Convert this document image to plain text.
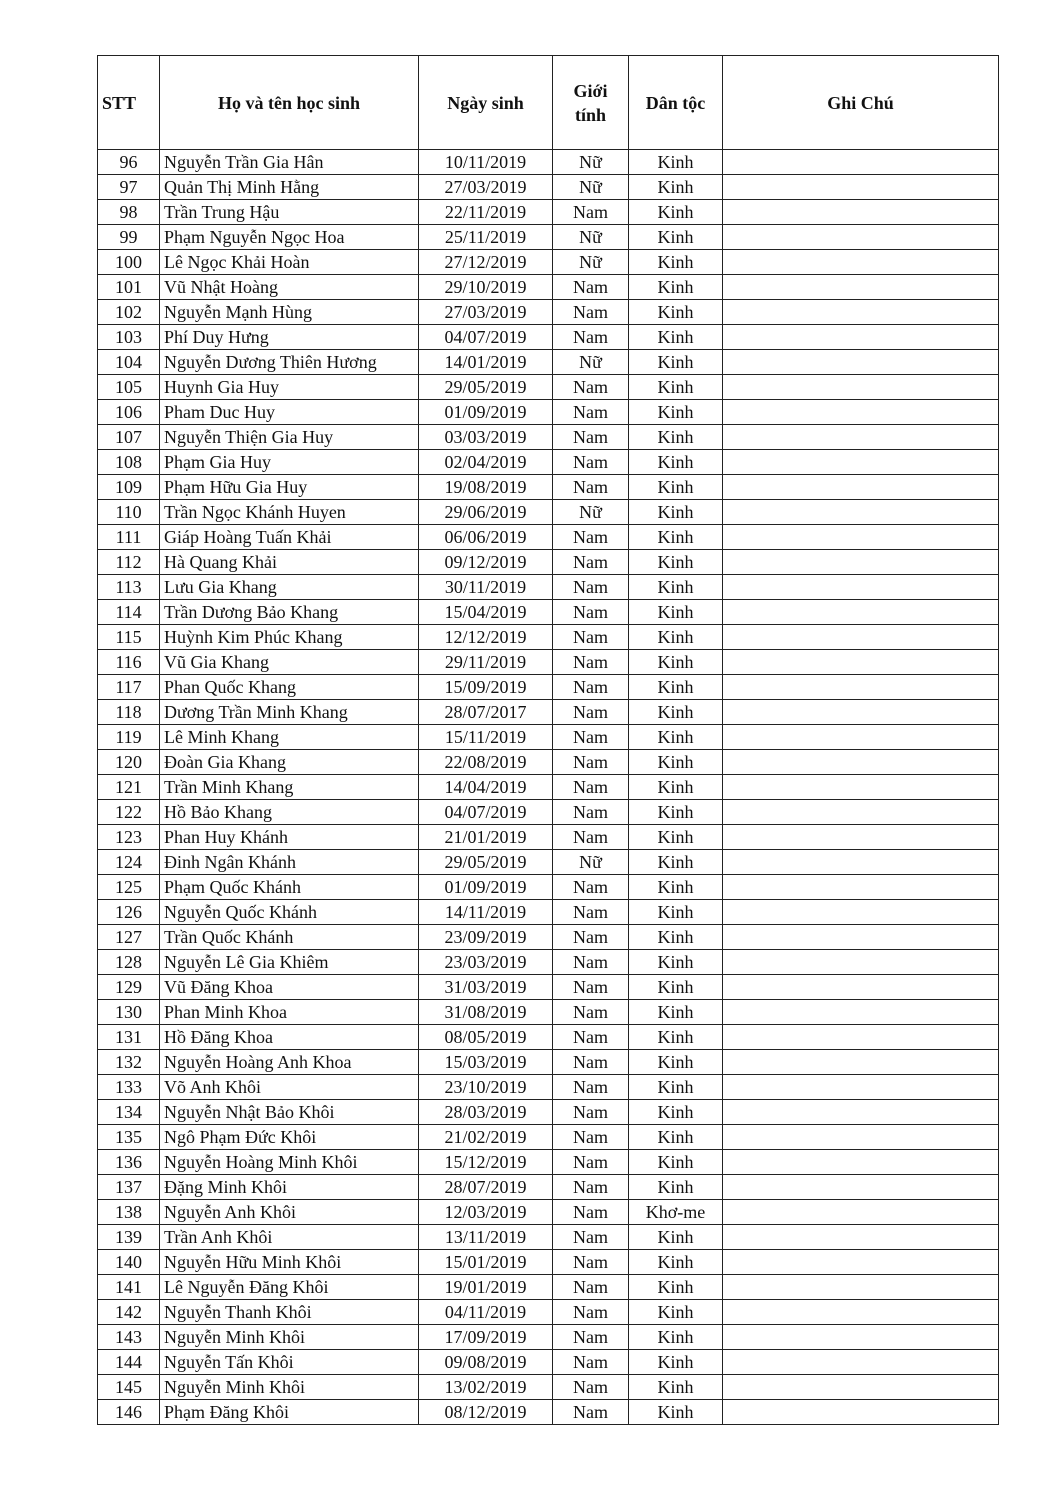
STT	Họ và tên học sinh	Ngày sinh	Giới tính	Dân tộc	Ghi Chú
96	Nguyễn Trần Gia Hân	10/11/2019	Nữ	Kinh	
97	Quản Thị Minh Hằng	27/03/2019	Nữ	Kinh	
98	Trần Trung Hậu	22/11/2019	Nam	Kinh	
99	Phạm Nguyễn Ngọc Hoa	25/11/2019	Nữ	Kinh	
100	Lê Ngọc Khải Hoàn	27/12/2019	Nữ	Kinh	
101	Vũ Nhật Hoàng	29/10/2019	Nam	Kinh	
102	Nguyễn Mạnh Hùng	27/03/2019	Nam	Kinh	
103	Phí Duy Hưng	04/07/2019	Nam	Kinh	
104	Nguyễn Dương Thiên Hương	14/01/2019	Nữ	Kinh	
105	Huynh Gia Huy	29/05/2019	Nam	Kinh	
106	Pham Duc Huy	01/09/2019	Nam	Kinh	
107	Nguyễn Thiện Gia Huy	03/03/2019	Nam	Kinh	
108	Phạm Gia Huy	02/04/2019	Nam	Kinh	
109	Phạm Hữu Gia Huy	19/08/2019	Nam	Kinh	
110	Trần Ngọc Khánh Huyen	29/06/2019	Nữ	Kinh	
111	Giáp Hoàng Tuấn Khải	06/06/2019	Nam	Kinh	
112	Hà Quang Khải	09/12/2019	Nam	Kinh	
113	Lưu Gia Khang	30/11/2019	Nam	Kinh	
114	Trần Dương Bảo Khang	15/04/2019	Nam	Kinh	
115	Huỳnh Kim Phúc Khang	12/12/2019	Nam	Kinh	
116	Vũ Gia Khang	29/11/2019	Nam	Kinh	
117	Phan Quốc Khang	15/09/2019	Nam	Kinh	
118	Dương Trần Minh Khang	28/07/2017	Nam	Kinh	
119	Lê Minh Khang	15/11/2019	Nam	Kinh	
120	Đoàn Gia Khang	22/08/2019	Nam	Kinh	
121	Trần Minh Khang	14/04/2019	Nam	Kinh	
122	Hồ Bảo Khang	04/07/2019	Nam	Kinh	
123	Phan Huy Khánh	21/01/2019	Nam	Kinh	
124	Đinh Ngân Khánh	29/05/2019	Nữ	Kinh	
125	Phạm Quốc Khánh	01/09/2019	Nam	Kinh	
126	Nguyễn Quốc Khánh	14/11/2019	Nam	Kinh	
127	Trần Quốc Khánh	23/09/2019	Nam	Kinh	
128	Nguyễn Lê Gia Khiêm	23/03/2019	Nam	Kinh	
129	Vũ Đăng Khoa	31/03/2019	Nam	Kinh	
130	Phan Minh Khoa	31/08/2019	Nam	Kinh	
131	Hồ Đăng Khoa	08/05/2019	Nam	Kinh	
132	Nguyễn Hoàng Anh Khoa	15/03/2019	Nam	Kinh	
133	Võ Anh Khôi	23/10/2019	Nam	Kinh	
134	Nguyễn Nhật Bảo Khôi	28/03/2019	Nam	Kinh	
135	Ngô Phạm Đức Khôi	21/02/2019	Nam	Kinh	
136	Nguyễn Hoàng Minh Khôi	15/12/2019	Nam	Kinh	
137	Đặng Minh Khôi	28/07/2019	Nam	Kinh	
138	Nguyễn Anh Khôi	12/03/2019	Nam	Khơ-me	
139	Trần Anh Khôi	13/11/2019	Nam	Kinh	
140	Nguyễn Hữu Minh Khôi	15/01/2019	Nam	Kinh	
141	Lê Nguyễn Đăng Khôi	19/01/2019	Nam	Kinh	
142	Nguyễn Thanh Khôi	04/11/2019	Nam	Kinh	
143	Nguyễn Minh Khôi	17/09/2019	Nam	Kinh	
144	Nguyễn Tấn Khôi	09/08/2019	Nam	Kinh	
145	Nguyễn Minh Khôi	13/02/2019	Nam	Kinh	
146	Phạm Đăng Khôi	08/12/2019	Nam	Kinh	
